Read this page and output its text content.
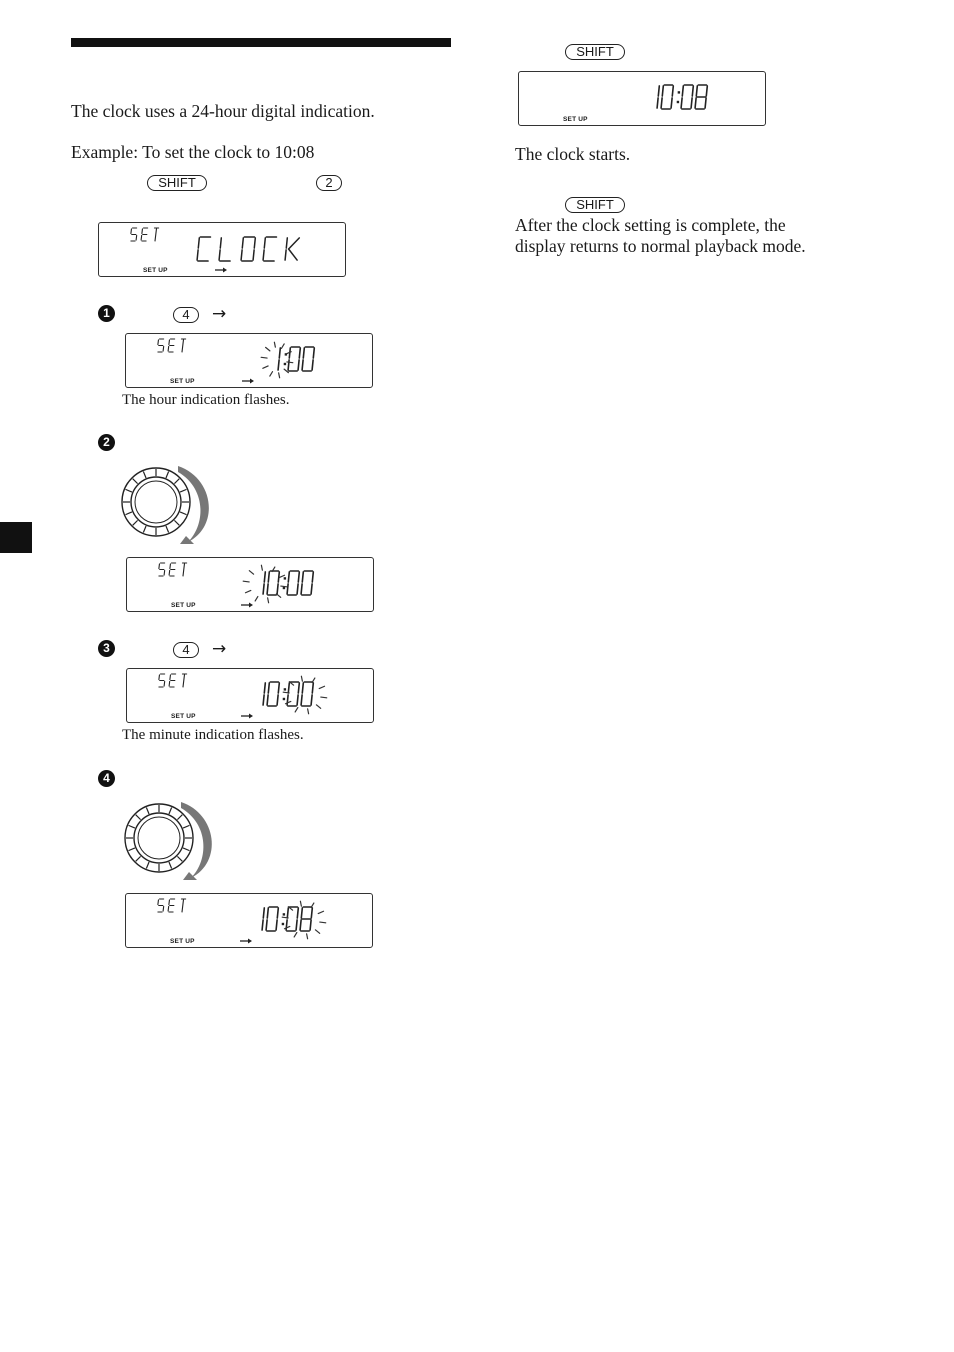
The clock uses a 24-hour digital indication.
Example: To set the clock to 10:08
SHIFT	2
SET UP
1	4	→
SET UP
The hour indication flashes.
2
SET UP
3	4	→
SET UP
The minute indication flashes.
4
SET UP
SHIFT
SET UP
The clock starts.
SHIFT
After the clock setting is complete, the
display returns to normal playback mode.
